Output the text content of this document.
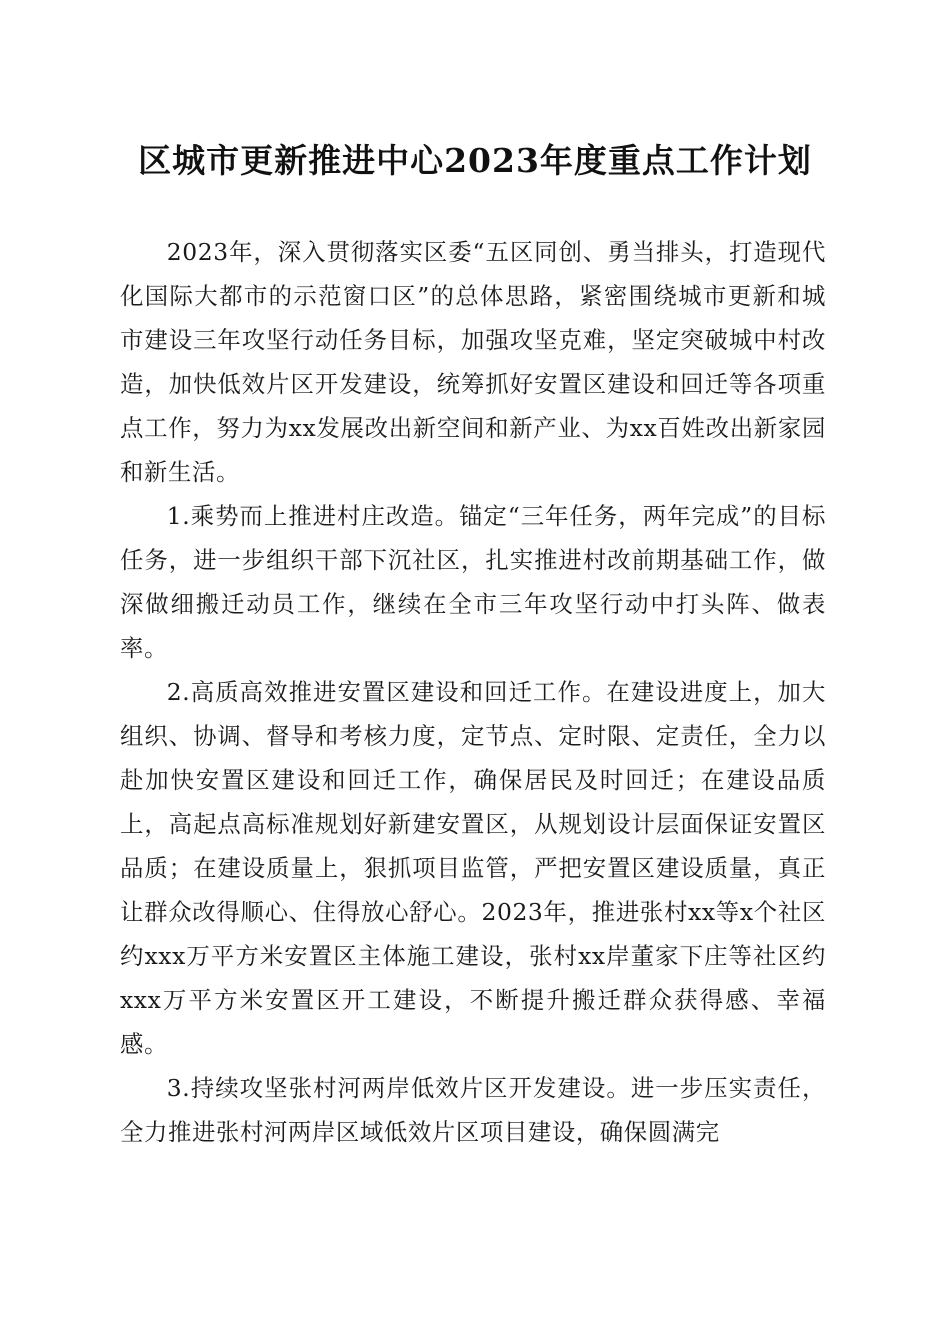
区城市更新推进中心2023年度重点工作计划

2023年，深入贯彻落实区委“五区同创、勇当排头，打造现代化国际大都市的示范窗口区”的总体思路，紧密围绕城市更新和城市建设三年攻坚行动任务目标，加强攻坚克难，坚定突破城中村改造，加快低效片区开发建设，统筹抓好安置区建设和回迁等各项重点工作，努力为xx发展改出新空间和新产业、为xx百姓改出新家园和新生活。

1.乘势而上推进村庄改造。锚定“三年任务，两年完成”的目标任务，进一步组织干部下沉社区，扎实推进村改前期基础工作，做深做细搬迁动员工作，继续在全市三年攻坚行动中打头阵、做表率。

2.高质高效推进安置区建设和回迁工作。在建设进度上，加大组织、协调、督导和考核力度，定节点、定时限、定责任，全力以赴加快安置区建设和回迁工作，确保居民及时回迁；在建设品质上，高起点高标准规划好新建安置区，从规划设计层面保证安置区品质；在建设质量上，狠抓项目监管，严把安置区建设质量，真正让群众改得顺心、住得放心舒心。2023年，推进张村xx等x个社区约xxx万平方米安置区主体施工建设，张村xx岸董家下庄等社区约xxx万平方米安置区开工建设，不断提升搬迁群众获得感、幸福感。

3.持续攻坚张村河两岸低效片区开发建设。进一步压实责任，全力推进张村河两岸区域低效片区项目建设，确保圆满完
